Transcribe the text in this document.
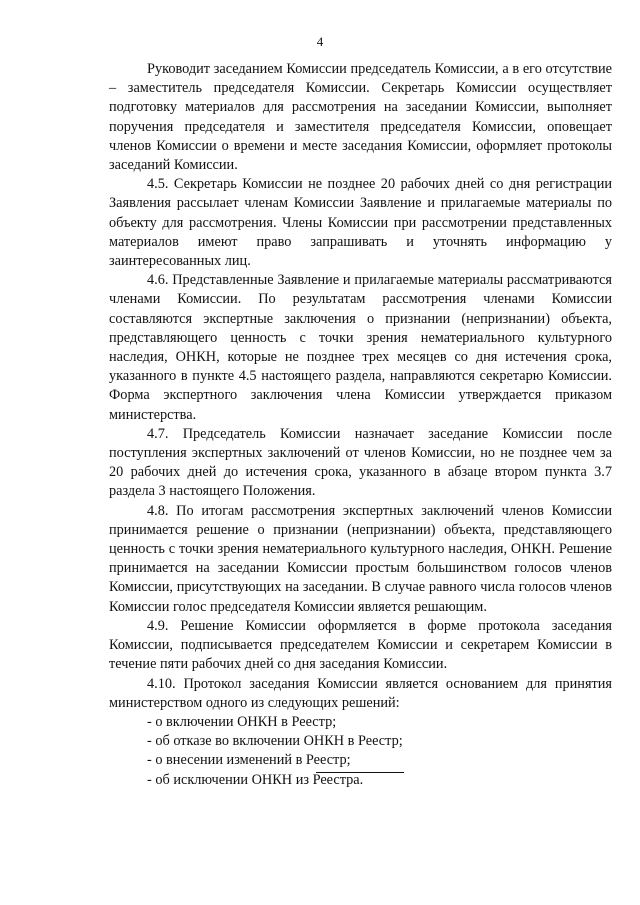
4

Руководит заседанием Комиссии председатель Комиссии, а в его отсутствие – заместитель председателя Комиссии. Секретарь Комиссии осуществляет подготовку материалов для рассмотрения на заседании Комиссии, выполняет поручения председателя и заместителя председателя Комиссии, оповещает членов Комиссии о времени и месте заседания Комиссии, оформляет протоколы заседаний Комиссии.

4.5. Секретарь Комиссии не позднее 20 рабочих дней со дня регистрации Заявления рассылает членам Комиссии Заявление и прилагаемые материалы по объекту для рассмотрения. Члены Комиссии при рассмотрении представленных материалов имеют право запрашивать и уточнять информацию у заинтересованных лиц.

4.6. Представленные Заявление и прилагаемые материалы рассматриваются членами Комиссии. По результатам рассмотрения членами Комиссии составляются экспертные заключения о признании (непризнании) объекта, представляющего ценность с точки зрения нематериального культурного наследия, ОНКН, которые не позднее трех месяцев со дня истечения срока, указанного в пункте 4.5 настоящего раздела, направляются секретарю Комиссии. Форма экспертного заключения члена Комиссии утверждается приказом министерства.

4.7. Председатель Комиссии назначает заседание Комиссии после поступления экспертных заключений от членов Комиссии, но не позднее чем за 20 рабочих дней до истечения срока, указанного в абзаце втором пункта 3.7 раздела 3 настоящего Положения.

4.8. По итогам рассмотрения экспертных заключений членов Комиссии принимается решение о признании (непризнании) объекта, представляющего ценность с точки зрения нематериального культурного наследия, ОНКН. Решение принимается на заседании Комиссии простым большинством голосов членов Комиссии, присутствующих на заседании. В случае равного числа голосов членов Комиссии голос председателя Комиссии является решающим.

4.9. Решение Комиссии оформляется в форме протокола заседания Комиссии, подписывается председателем Комиссии и секретарем Комиссии в течение пяти рабочих дней со дня заседания Комиссии.

4.10. Протокол заседания Комиссии является основанием для принятия министерством одного из следующих решений:

- о включении ОНКН в Реестр;
- об отказе во включении ОНКН в Реестр;
- о внесении изменений в Реестр;
- об исключении ОНКН из Реестра.
